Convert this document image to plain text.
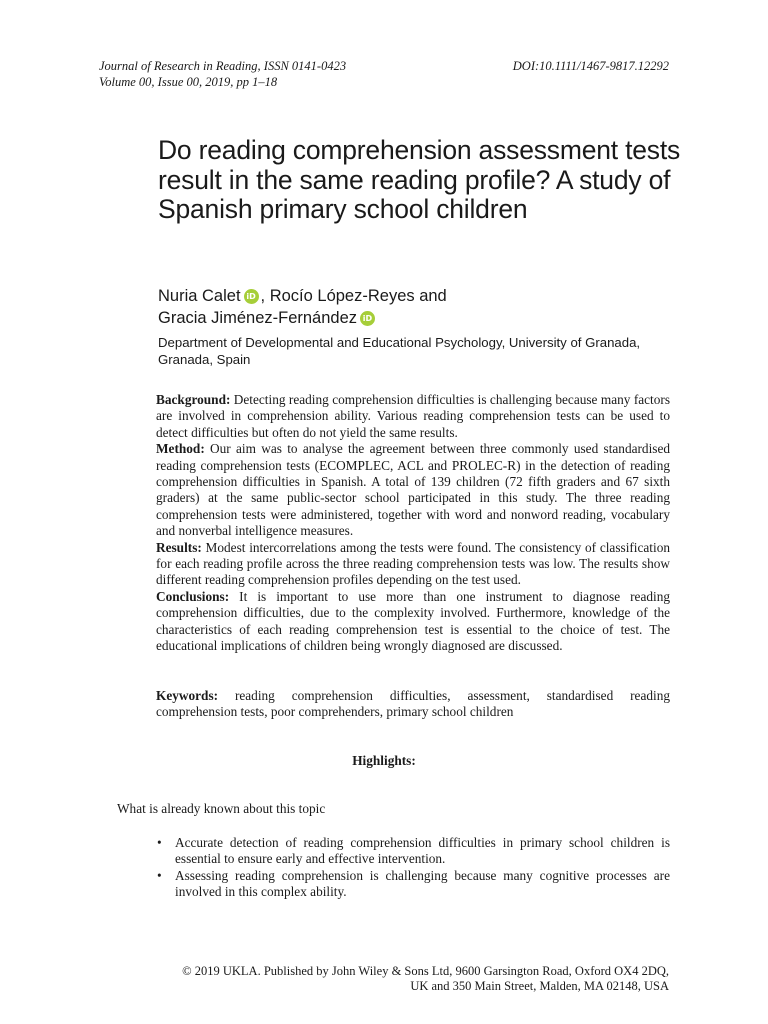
Journal of Research in Reading, ISSN 0141-0423
Volume 00, Issue 00, 2019, pp 1–18
DOI:10.1111/1467-9817.12292
Do reading comprehension assessment tests result in the same reading profile? A study of Spanish primary school children
Nuria Calet iD , Rocío López-Reyes and
Gracia Jiménez-Fernández iD
Department of Developmental and Educational Psychology, University of Granada, Granada, Spain

Background: Detecting reading comprehension difficulties is challenging because many factors are involved in comprehension ability. Various reading comprehension tests can be used to detect difficulties but often do not yield the same results.

Method: Our aim was to analyse the agreement between three commonly used standardised reading comprehension tests (ECOMPLEC, ACL and PROLEC-R) in the detection of reading comprehension difficulties in Spanish. A total of 139 children (72 fifth graders and 67 sixth graders) at the same public-sector school participated in this study. The three reading comprehension tests were administered, together with word and nonword reading, vocabulary and nonverbal intelligence measures.

Results: Modest intercorrelations among the tests were found. The consistency of classification for each reading profile across the three reading comprehension tests was low. The results show different reading comprehension profiles depending on the test used.

Conclusions: It is important to use more than one instrument to diagnose reading comprehension difficulties, due to the complexity involved. Furthermore, knowledge of the characteristics of each reading comprehension test is essential to the choice of test. The educational implications of children being wrongly diagnosed are discussed.

Keywords: reading comprehension difficulties, assessment, standardised reading comprehension tests, poor comprehenders, primary school children
Highlights:
What is already known about this topic
• Accurate detection of reading comprehension difficulties in primary school children is essential to ensure early and effective intervention.
• Assessing reading comprehension is challenging because many cognitive processes are involved in this complex ability.
© 2019 UKLA. Published by John Wiley & Sons Ltd, 9600 Garsington Road, Oxford OX4 2DQ,
UK and 350 Main Street, Malden, MA 02148, USA
